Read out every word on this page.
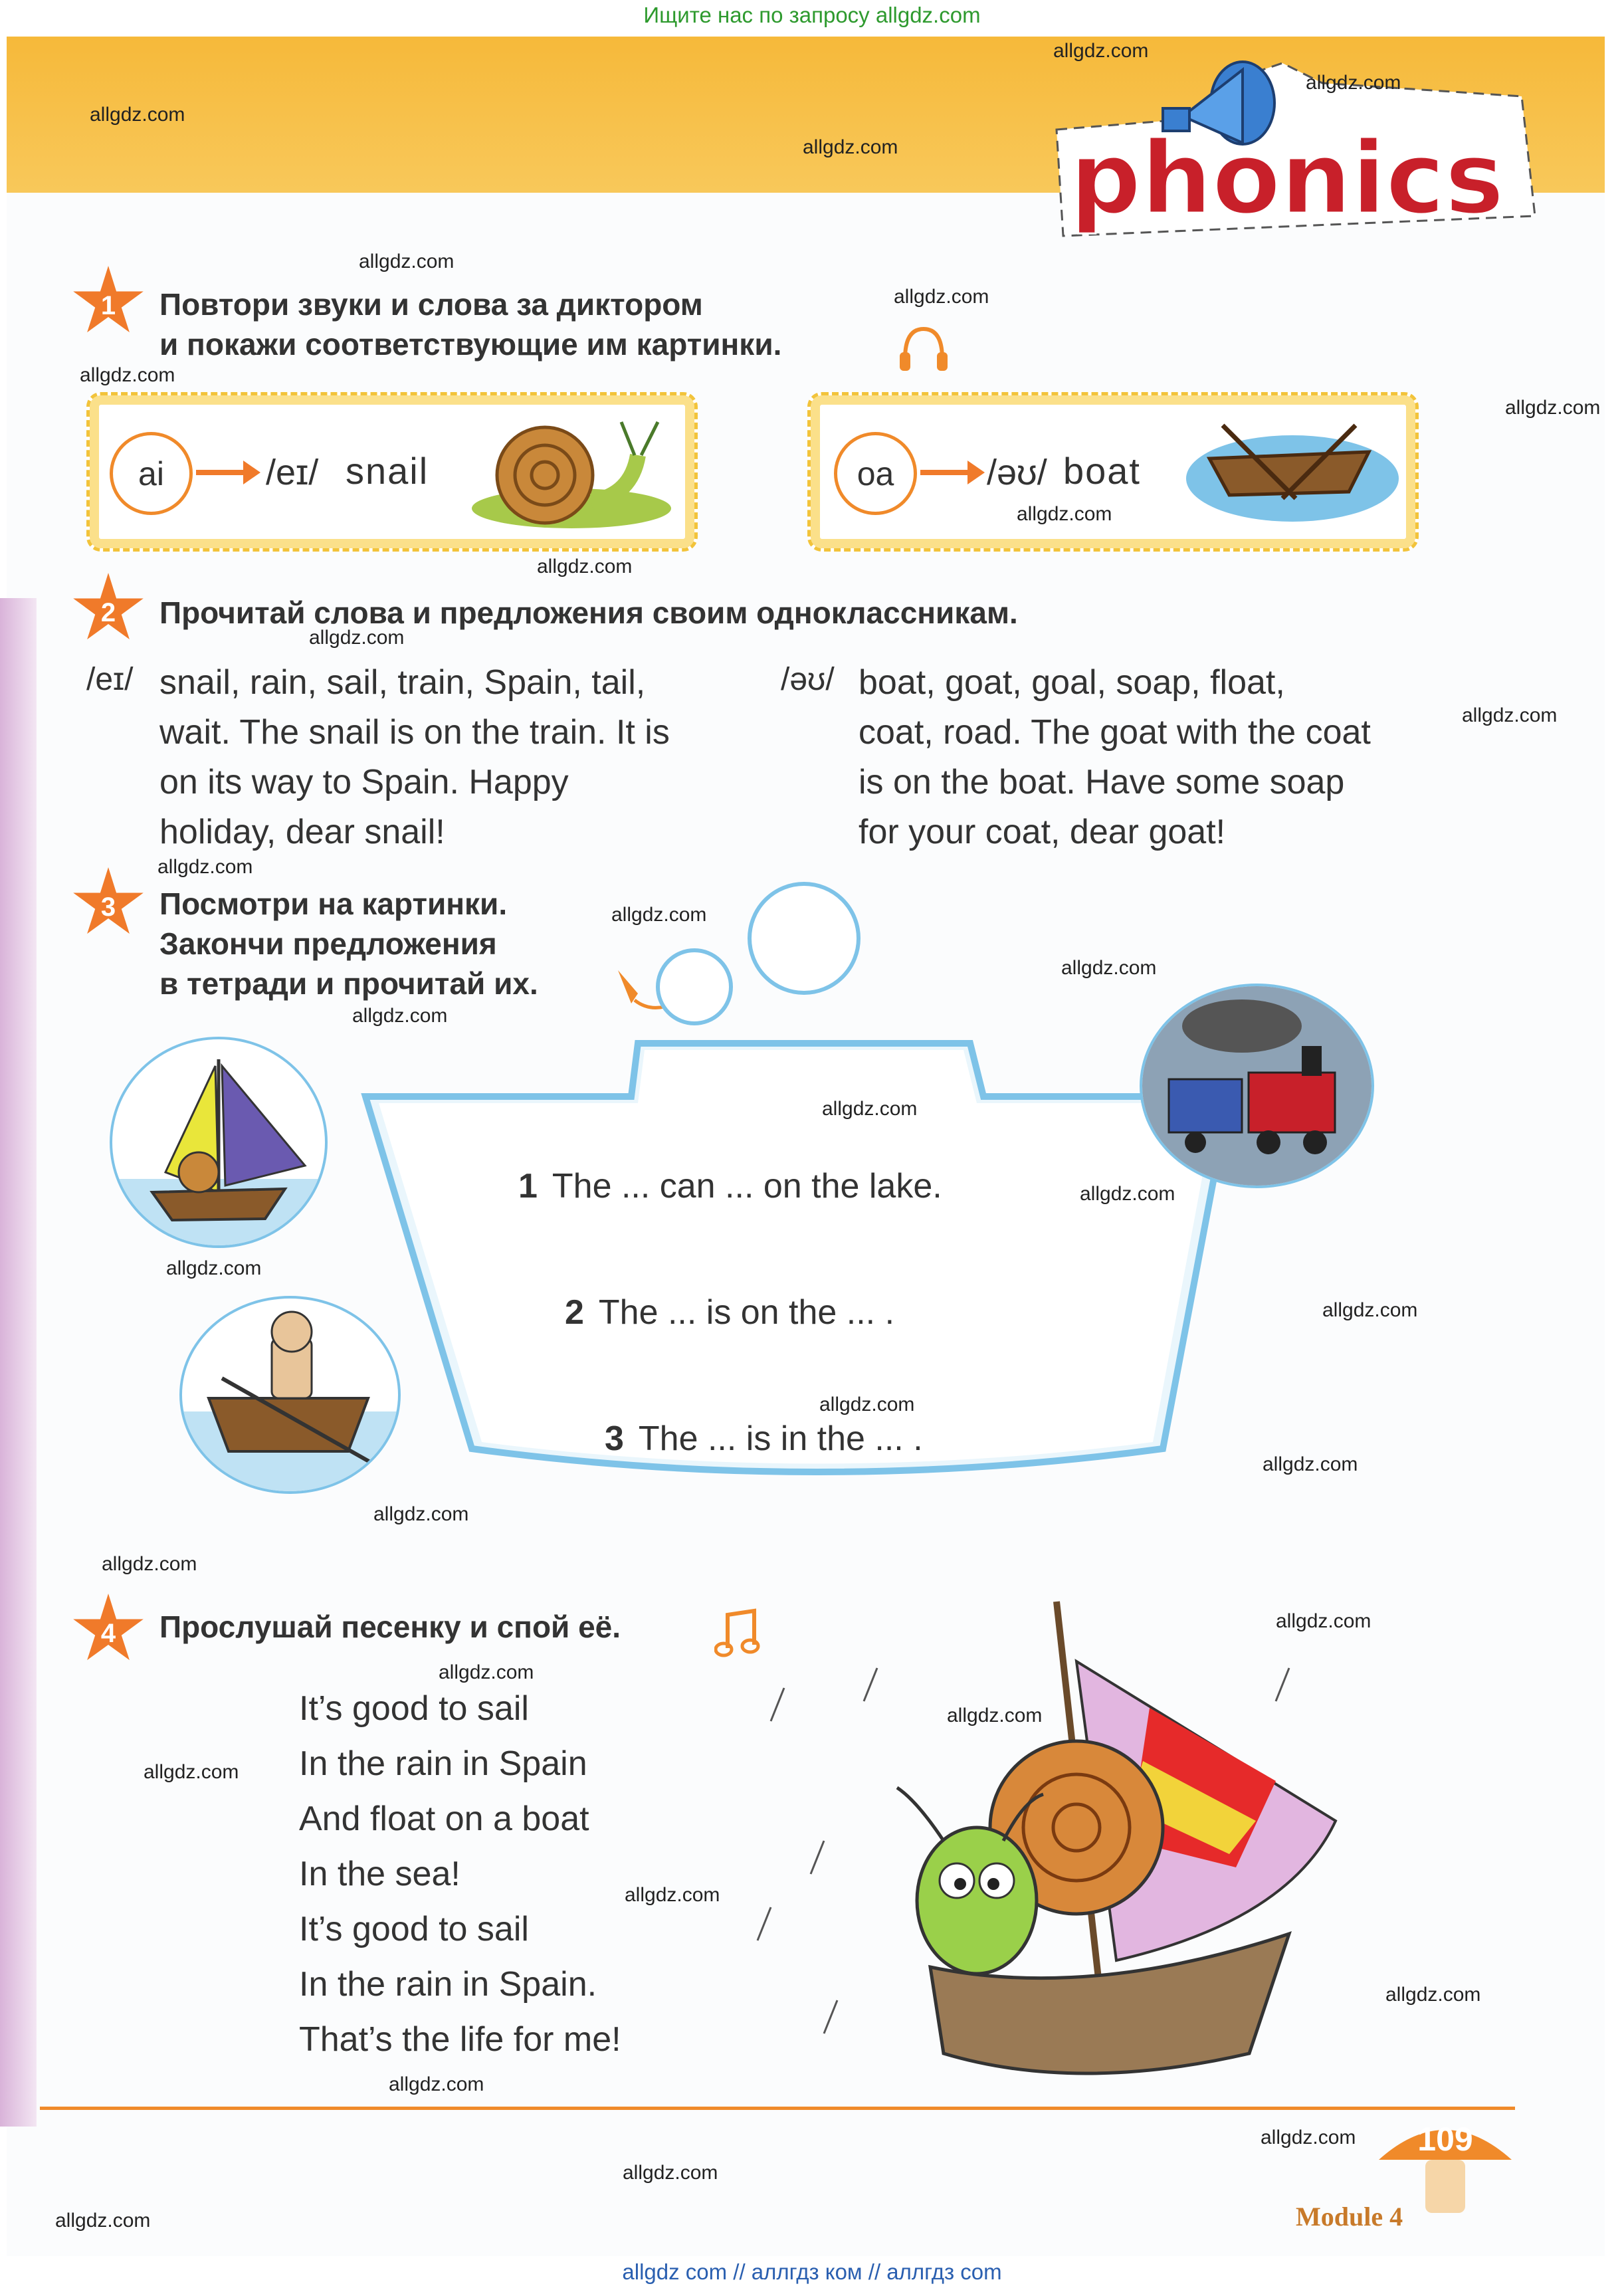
Ищите нас по запросу allgdz.com
phonics
1	Повтори звуки и слова за диктором
и покажи соответствующие им картинки.
ai	/eɪ/ snail	oa	/əʊ/ boat
2	Прочитай слова и предложения своим одноклассникам.
/eɪ/ snail, rain, sail, train, Spain, tail,
wait. The snail is on the train. It is
on its way to Spain. Happy
holiday, dear snail!
/əʊ/ boat, goat, goal, soap, float,
coat, road. The goat with the coat
is on the boat. Have some soap
for your coat, dear goat!
3	Посмотри на картинки.
Закончи предложения
в тетради и прочитай их.
1 The ... can ... on the lake.
2 The ... is on the ... .
3 The ... is in the ... .
4	Прослушай песенку и спой её.
It’s good to sail
In the rain in Spain
And float on a boat
In the sea!
It’s good to sail
In the rain in Spain.
That’s the life for me!
109
Module 4
allgdz.com
allgdz.com
allgdz.com
allgdz.com
allgdz.com
allgdz.com
allgdz.com
allgdz.com
allgdz.com
allgdz.com
allgdz.com
allgdz.com
allgdz.com
allgdz.com
allgdz.com
allgdz.com
allgdz.com
allgdz.com
allgdz.com
allgdz.com
allgdz.com
allgdz.com
allgdz.com
allgdz.com
allgdz.com
allgdz.com
allgdz.com
allgdz.com
allgdz.com
allgdz.com
allgdz.com
allgdz.com
allgdz.com
allgdz.com
allgdz com // аллгдз ком // аллгдз com
